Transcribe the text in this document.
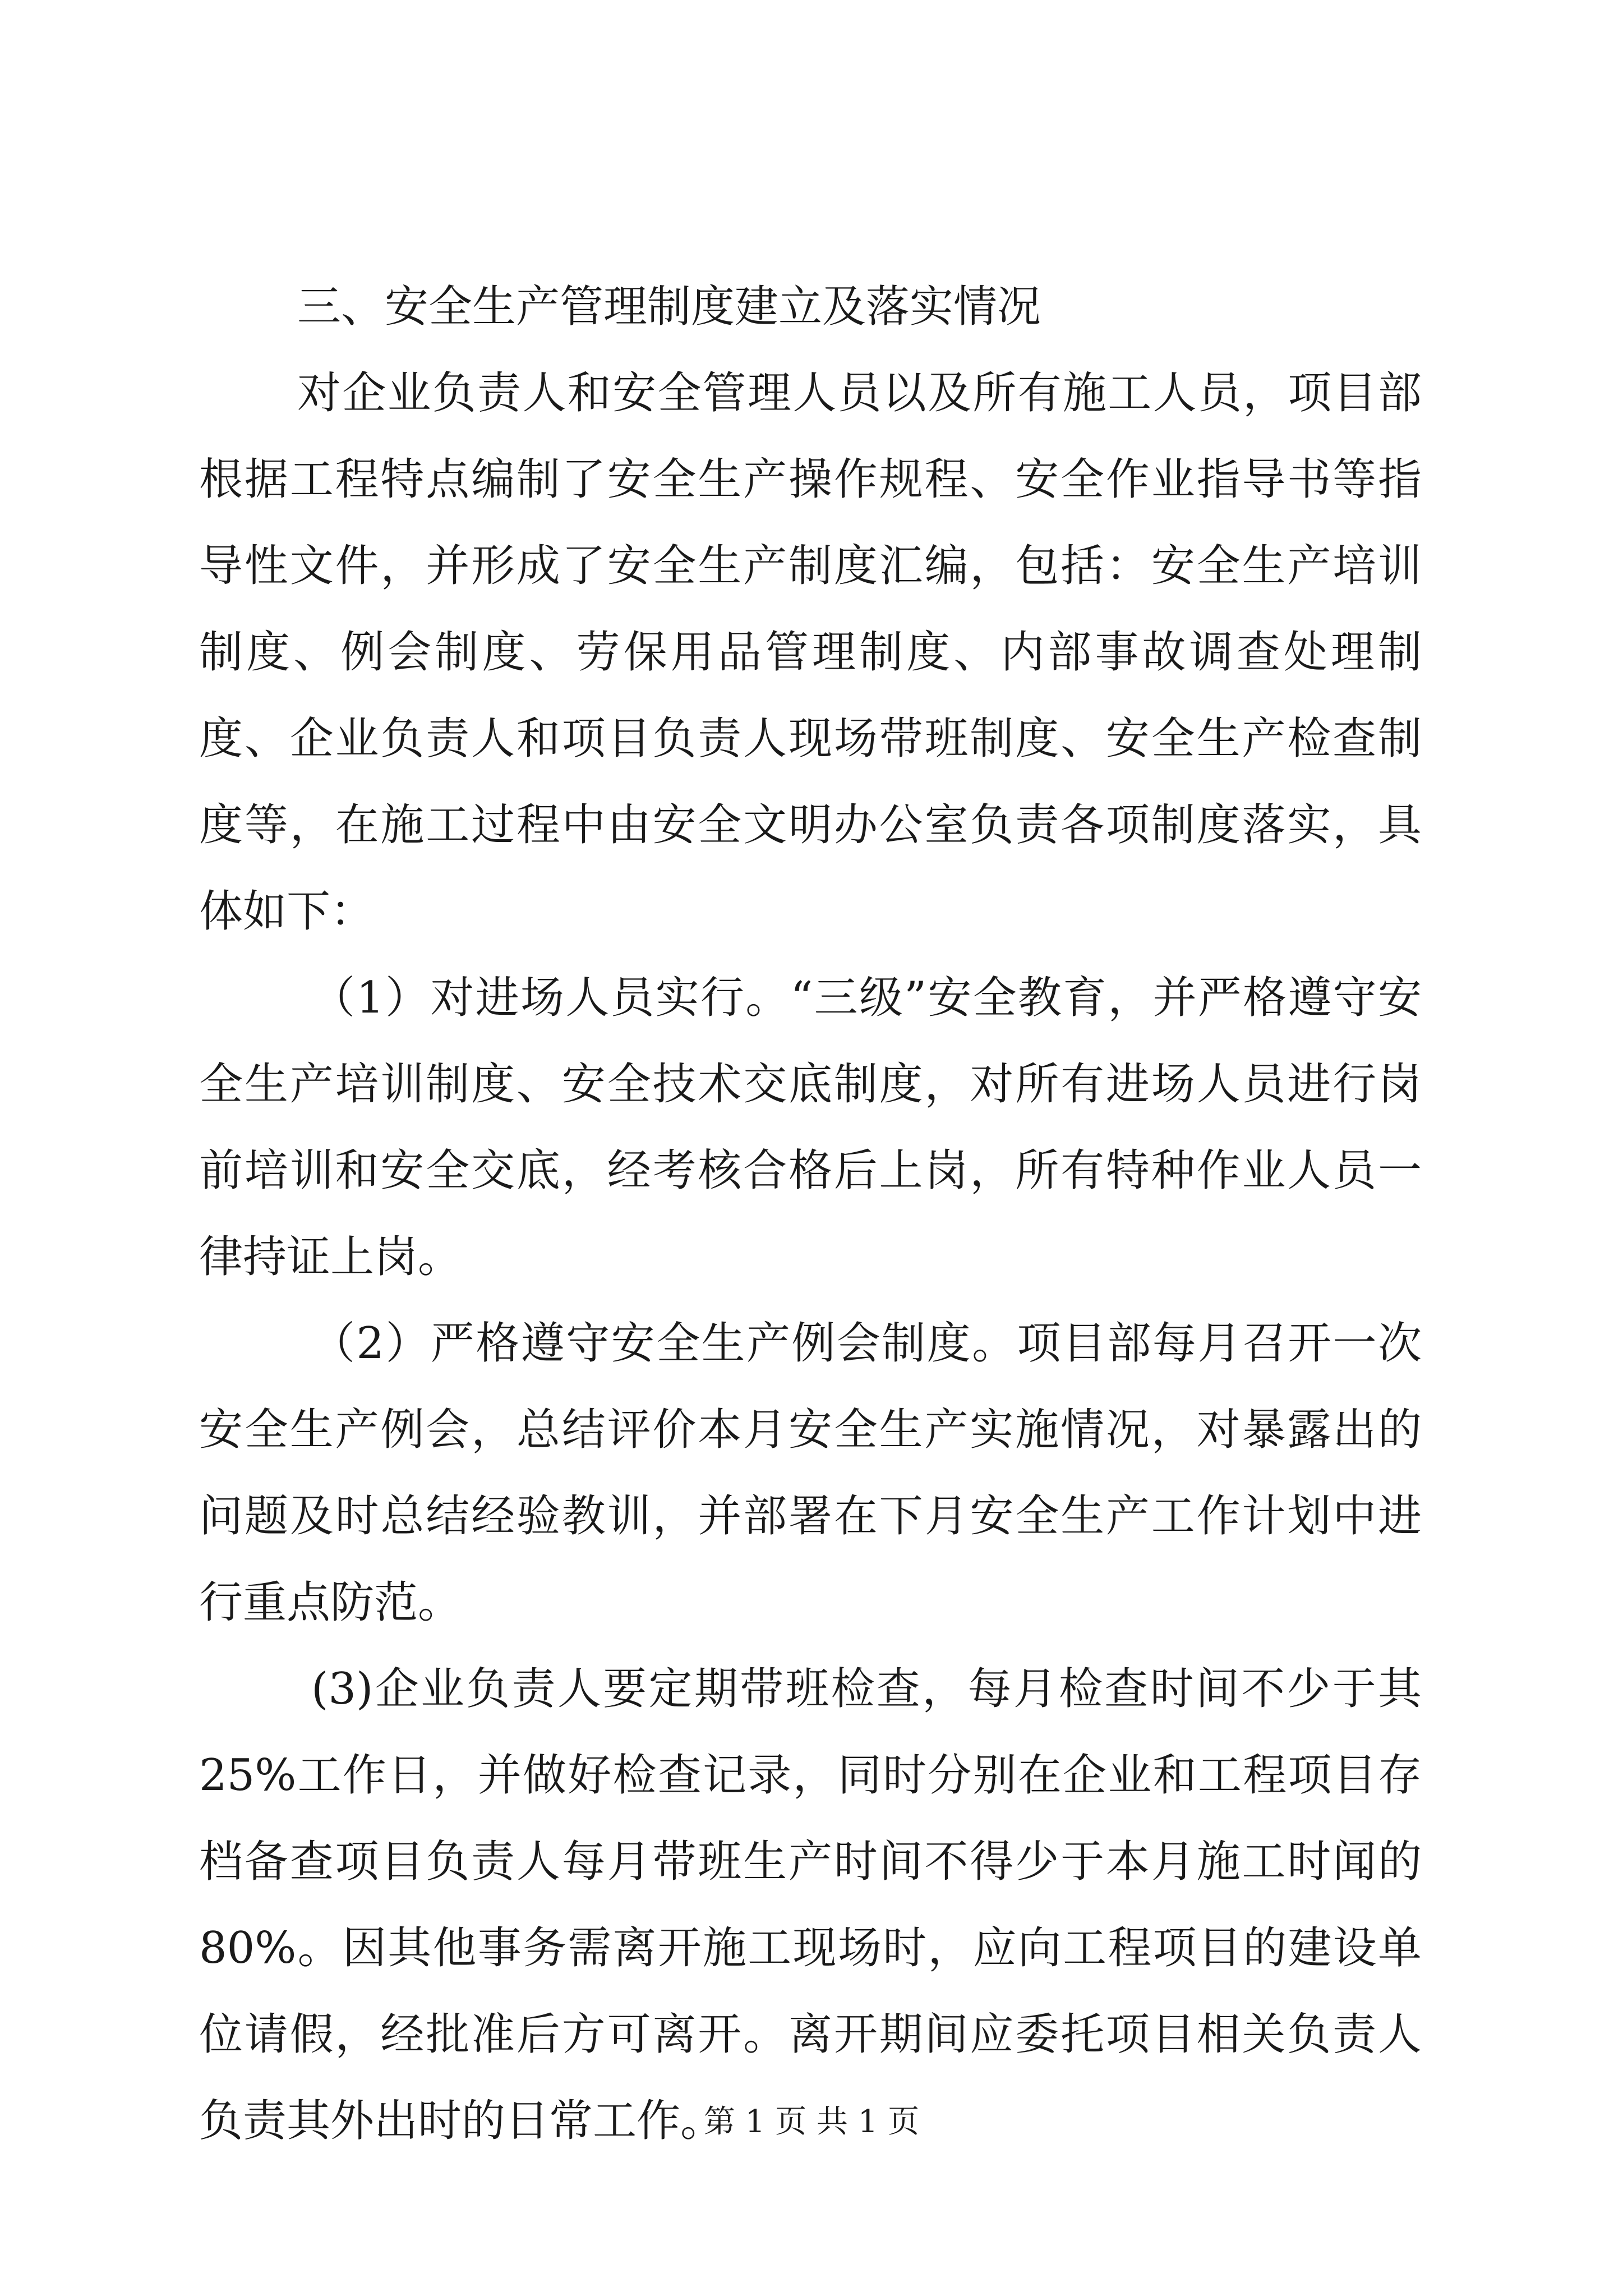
三、安全生产管理制度建立及落实情况

对企业负责人和安全管理人员以及所有施工人员，项目部根据工程特点编制了安全生产操作规程、安全作业指导书等指导性文件，并形成了安全生产制度汇编，包括：安全生产培训制度、例会制度、劳保用品管理制度、内部事故调查处理制度、企业负责人和项目负责人现场带班制度、安全生产检查制度等，在施工过程中由安全文明办公室负责各项制度落实，具体如下：

（1）对进场人员实行。“三级”安全教育，并严格遵守安全生产培训制度、安全技术交底制度，对所有进场人员进行岗前培训和安全交底，经考核合格后上岗，所有特种作业人员一律持证上岗。

（2）严格遵守安全生产例会制度。项目部每月召开一次安全生产例会，总结评价本月安全生产实施情况，对暴露出的问题及时总结经验教训，并部署在下月安全生产工作计划中进行重点防范。

(3)企业负责人要定期带班检查，每月检查时间不少于其25%工作日，并做好检查记录，同时分别在企业和工程项目存档备查项目负责人每月带班生产时间不得少于本月施工时闻的80%。因其他事务需离开施工现场时，应向工程项目的建设单位请假，经批准后方可离开。离开期间应委托项目相关负责人负责其外出时的日常工作。

第 1 页 共 1 页
